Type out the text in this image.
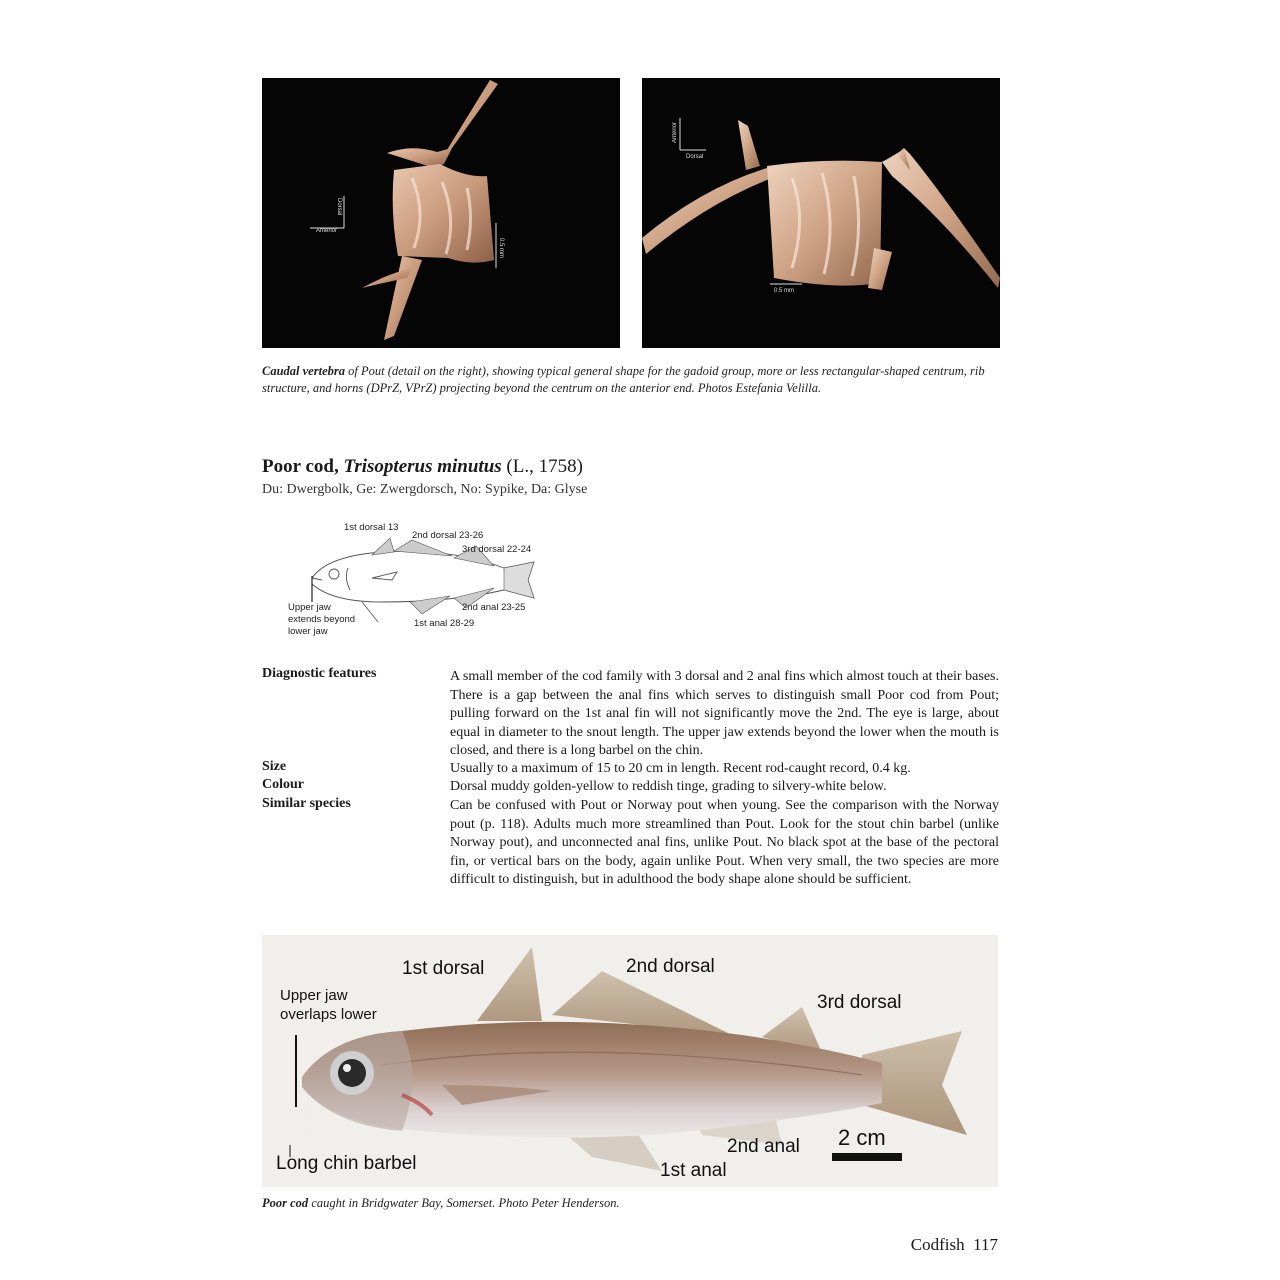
Dorsal
Anterior
0.5 mm
Anterior
Dorsal
0.5 mm
Caudal vertebra of Pout (detail on the right), showing typical general shape for the gadoid group, more or less rectangular-shaped centrum, rib structure, and horns (DPrZ, VPrZ) projecting beyond the centrum on the anterior end. Photos Estefania Velilla.
Poor cod, Trisopterus minutus (L., 1758)
Du: Dwergbolk, Ge: Zwergdorsch, No: Sypike, Da: Glyse
1st dorsal 13
2nd dorsal 23-26
3rd dorsal 22-24
2nd anal 23-25
1st anal 28-29
Upper jaw
extends beyond
lower jaw
Diagnostic features	A small member of the cod family with 3 dorsal and 2 anal fins which almost touch at their bases. There is a gap between the anal fins which serves to distinguish small Poor cod from Pout; pulling forward on the 1st anal fin will not significantly move the 2nd. The eye is large, about equal in diameter to the snout length. The upper jaw extends beyond the lower when the mouth is closed, and there is a long barbel on the chin.
Size	Usually to a maximum of 15 to 20 cm in length. Recent rod-caught record, 0.4 kg.
Colour	Dorsal muddy golden-yellow to reddish tinge, grading to silvery-white below.
Similar species	Can be confused with Pout or Norway pout when young. See the comparison with the Norway pout (p. 118). Adults much more streamlined than Pout. Look for the stout chin barbel (unlike Norway pout), and unconnected anal fins, unlike Pout. No black spot at the base of the pectoral fin, or vertical bars on the body, again unlike Pout. When very small, the two species are more difficult to distinguish, but in adulthood the body shape alone should be sufficient.
1st dorsal	2nd dorsal
3rd dorsal
Upper jaw
overlaps lower
Long chin barbel	1st anal
2nd anal 2 cm
Poor cod caught in Bridgwater Bay, Somerset. Photo Peter Henderson.
Codfish 117
